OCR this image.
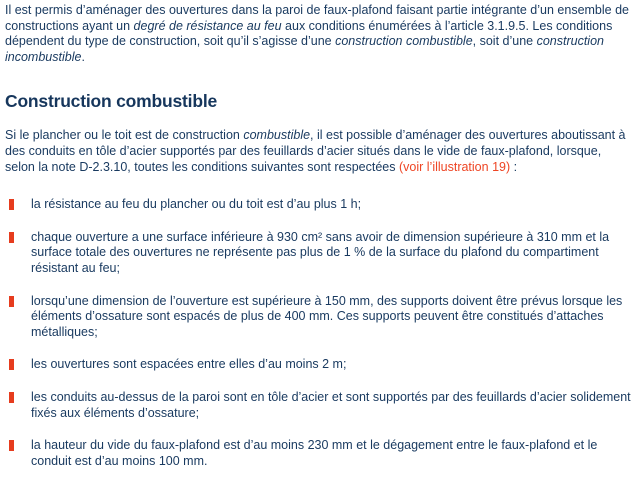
Il est permis d’aménager des ouvertures dans la paroi de faux-plafond faisant partie intégrante d’un ensemble de constructions ayant un degré de résistance au feu aux conditions énumérées à l’article 3.1.9.5. Les conditions dépendent du type de construction, soit qu’il s’agisse d’une construction combustible, soit d’une construction incombustible.

Construction combustible

Si le plancher ou le toit est de construction combustible, il est possible d’aménager des ouvertures aboutissant à des conduits en tôle d’acier supportés par des feuillards d’acier situés dans le vide de faux-plafond, lorsque, selon la note D-2.3.10, toutes les conditions suivantes sont respectées (voir l’illustration 19) :

la résistance au feu du plancher ou du toit est d’au plus 1 h;
chaque ouverture a une surface inférieure à 930 cm² sans avoir de dimension supérieure à 310 mm et la surface totale des ouvertures ne représente pas plus de 1 % de la surface du plafond du compartiment résistant au feu;
lorsqu’une dimension de l’ouverture est supérieure à 150 mm, des supports doivent être prévus lorsque les éléments d’ossature sont espacés de plus de 400 mm. Ces supports peuvent être constitués d’attaches métalliques;
les ouvertures sont espacées entre elles d’au moins 2 m;
les conduits au-dessus de la paroi sont en tôle d’acier et sont supportés par des feuillards d’acier solidement fixés aux éléments d’ossature;
la hauteur du vide du faux-plafond est d’au moins 230 mm et le dégagement entre le faux-plafond et le conduit est d’au moins 100 mm.
